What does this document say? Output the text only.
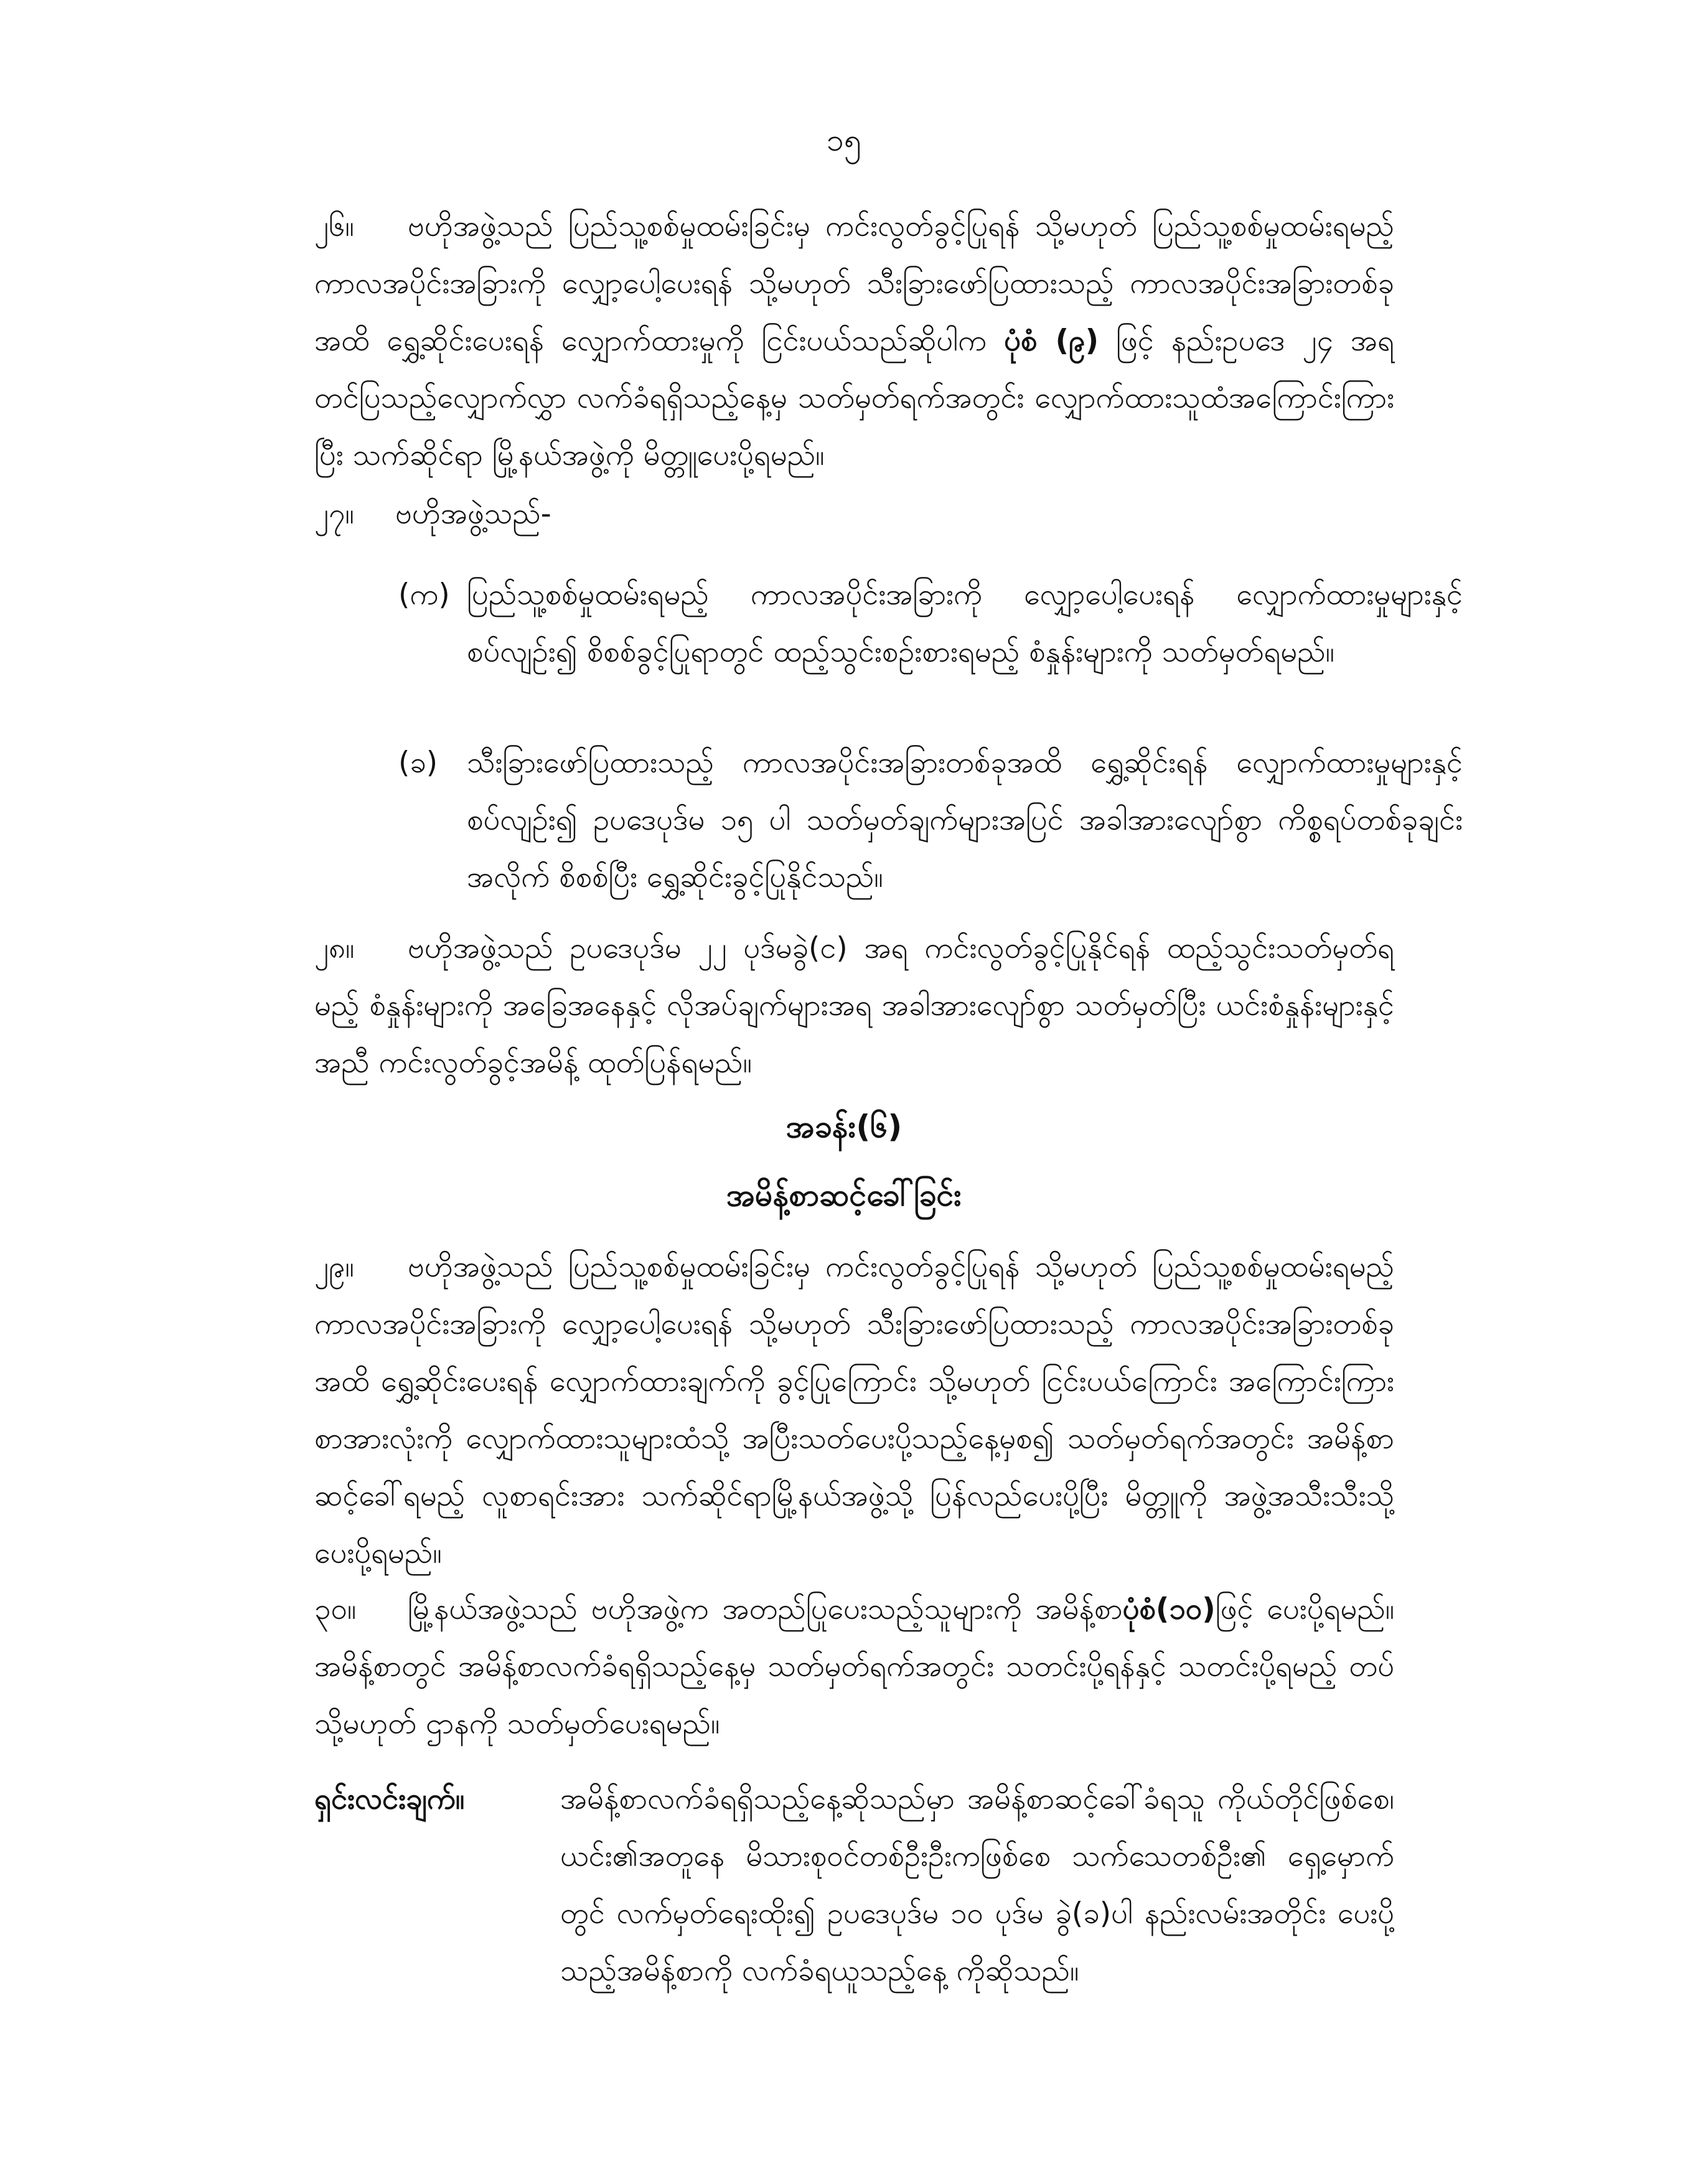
၁၅

၂၆။ ဗဟိုအဖွဲ့သည် ပြည်သူ့စစ်မှုထမ်းခြင်းမှ ကင်းလွတ်ခွင့်ပြုရန် သို့မဟုတ် ပြည်သူ့စစ်မှုထမ်းရမည့် ကာလအပိုင်းအခြားကို လျှော့ပေါ့ပေးရန် သို့မဟုတ် သီးခြားဖော်ပြထားသည့် ကာလအပိုင်းအခြားတစ်ခုအထိ ရွှေ့ဆိုင်းပေးရန် လျှောက်ထားမှုကို ငြင်းပယ်သည်ဆိုပါက ပုံစံ (၉) ဖြင့် နည်းဥပဒေ ၂၄ အရ တင်ပြသည့်လျှောက်လွှာ လက်ခံရရှိသည့်နေ့မှ သတ်မှတ်ရက်အတွင်း လျှောက်ထားသူထံအကြောင်းကြားပြီး သက်ဆိုင်ရာ မြို့နယ်အဖွဲ့ကို မိတ္တူပေးပို့ရမည်။

၂၇။ ဗဟိုအဖွဲ့သည်-

(က) ပြည်သူ့စစ်မှုထမ်းရမည့် ကာလအပိုင်းအခြားကို လျှော့ပေါ့ပေးရန် လျှောက်ထားမှုများနှင့်စပ်လျဉ်း၍ စိစစ်ခွင့်ပြုရာတွင် ထည့်သွင်းစဉ်းစားရမည့် စံနှုန်းများကို သတ်မှတ်ရမည်။

(ခ) သီးခြားဖော်ပြထားသည့် ကာလအပိုင်းအခြားတစ်ခုအထိ ရွှေ့ဆိုင်းရန် လျှောက်ထားမှုများနှင့်စပ်လျဉ်း၍ ဥပဒေပုဒ်မ ၁၅ ပါ သတ်မှတ်ချက်များအပြင် အခါအားလျော်စွာ ကိစ္စရပ်တစ်ခုချင်းအလိုက် စိစစ်ပြီး ရွှေ့ဆိုင်းခွင့်ပြုနိုင်သည်။

၂၈။ ဗဟိုအဖွဲ့သည် ဥပဒေပုဒ်မ ၂၂ ပုဒ်မခွဲ(င) အရ ကင်းလွတ်ခွင့်ပြုနိုင်ရန် ထည့်သွင်းသတ်မှတ်ရမည့် စံနှုန်းများကို အခြေအနေနှင့် လိုအပ်ချက်များအရ အခါအားလျော်စွာ သတ်မှတ်ပြီး ယင်းစံနှုန်းများနှင့်အညီ ကင်းလွတ်ခွင့်အမိန့် ထုတ်ပြန်ရမည်။

အခန်း(၆)
အမိန့်စာဆင့်ခေါ်ခြင်း

၂၉။ ဗဟိုအဖွဲ့သည် ပြည်သူ့စစ်မှုထမ်းခြင်းမှ ကင်းလွတ်ခွင့်ပြုရန် သို့မဟုတ် ပြည်သူ့စစ်မှုထမ်းရမည့် ကာလအပိုင်းအခြားကို လျှော့ပေါ့ပေးရန် သို့မဟုတ် သီးခြားဖော်ပြထားသည့် ကာလအပိုင်းအခြားတစ်ခုအထိ ရွှေ့ဆိုင်းပေးရန် လျှောက်ထားချက်ကို ခွင့်ပြုကြောင်း သို့မဟုတ် ငြင်းပယ်ကြောင်း အကြောင်းကြားစာအားလုံးကို လျှောက်ထားသူများထံသို့ အပြီးသတ်ပေးပို့သည့်နေ့မှစ၍ သတ်မှတ်ရက်အတွင်း အမိန့်စာဆင့်ခေါ်ရမည့် လူစာရင်းအား သက်ဆိုင်ရာမြို့နယ်အဖွဲ့သို့ ပြန်လည်ပေးပို့ပြီး မိတ္တူကို အဖွဲ့အသီးသီးသို့ပေးပို့ရမည်။

၃၀။ မြို့နယ်အဖွဲ့သည် ဗဟိုအဖွဲ့က အတည်ပြုပေးသည့်သူများကို အမိန့်စာပုံစံ(၁၀)ဖြင့် ပေးပို့ရမည်။ အမိန့်စာတွင် အမိန့်စာလက်ခံရရှိသည့်နေ့မှ သတ်မှတ်ရက်အတွင်း သတင်းပို့ရန်နှင့် သတင်းပို့ရမည့် တပ် သို့မဟုတ် ဌာနကို သတ်မှတ်ပေးရမည်။

ရှင်းလင်းချက်။	အမိန့်စာလက်ခံရရှိသည့်နေ့ဆိုသည်မှာ အမိန့်စာဆင့်ခေါ်ခံရသူ ကိုယ်တိုင်ဖြစ်စေ၊ ယင်း၏အတူနေ မိသားစုဝင်တစ်ဦးဦးကဖြစ်စေ သက်သေတစ်ဦး၏ ရှေ့မှောက်တွင် လက်မှတ်ရေးထိုး၍ ဥပဒေပုဒ်မ ၁၀ ပုဒ်မ ခွဲ(ခ)ပါ နည်းလမ်းအတိုင်း ပေးပို့သည့်အမိန့်စာကို လက်ခံရယူသည့်နေ့ ကိုဆိုသည်။
